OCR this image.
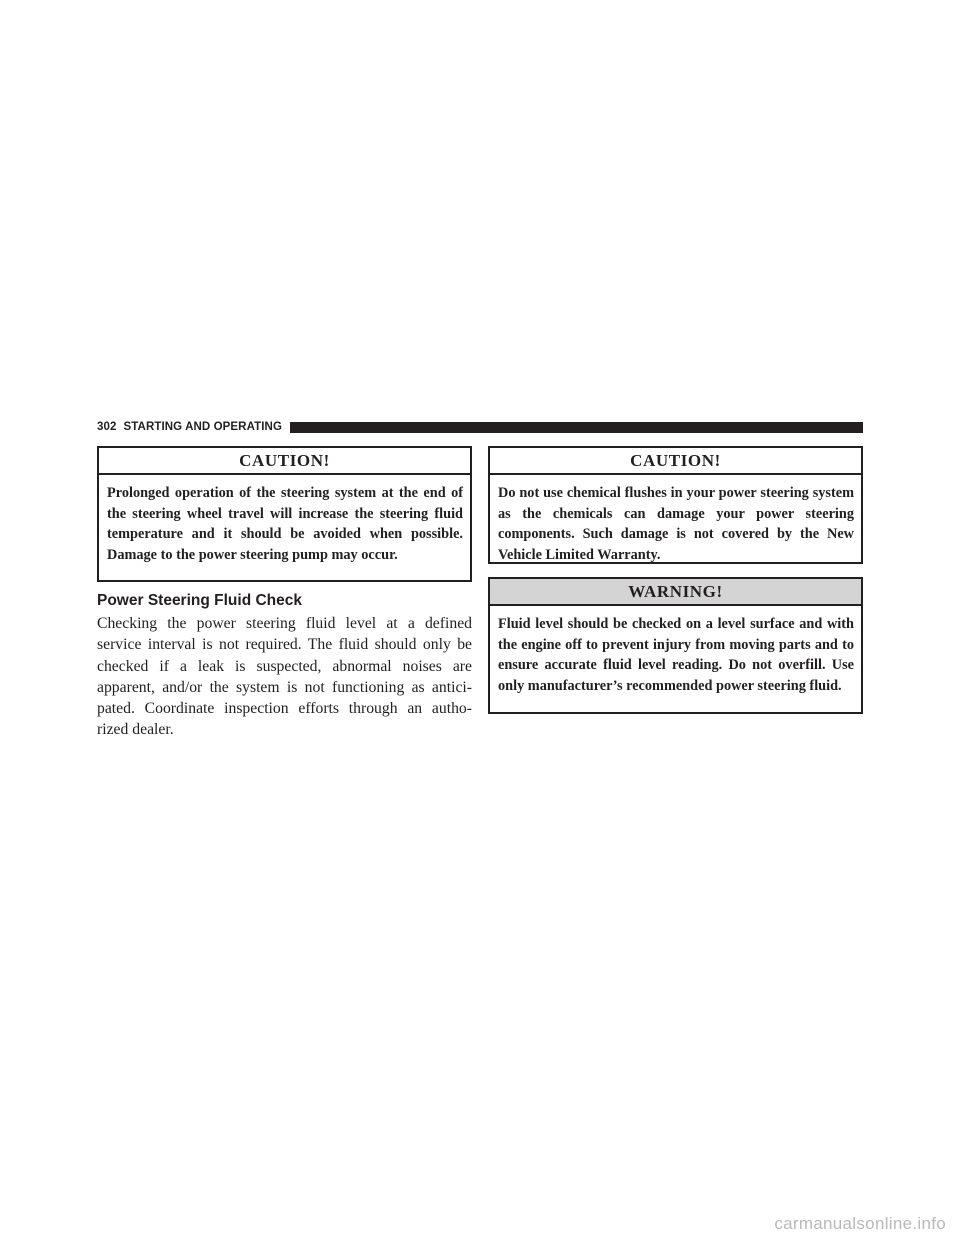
302 STARTING AND OPERATING
CAUTION!
Prolonged operation of the steering system at the end of the steering wheel travel will increase the steering fluid temperature and it should be avoided when possible. Damage to the power steering pump may occur.
Power Steering Fluid Check

Checking the power steering fluid level at a defined
service interval is not required. The fluid should only be
checked if a leak is suspected, abnormal noises are
apparent, and/or the system is not functioning as antici-
pated. Coordinate inspection efforts through an autho-
rized dealer.

CAUTION!
Do not use chemical flushes in your power steering system as the chemicals can damage your power steering components. Such damage is not covered by the New Vehicle Limited Warranty.
WARNING!
Fluid level should be checked on a level surface and with the engine off to prevent injury from moving parts and to ensure accurate fluid level reading. Do not overfill. Use only manufacturer’s recommended power steering fluid.
carmanualsonline.info
